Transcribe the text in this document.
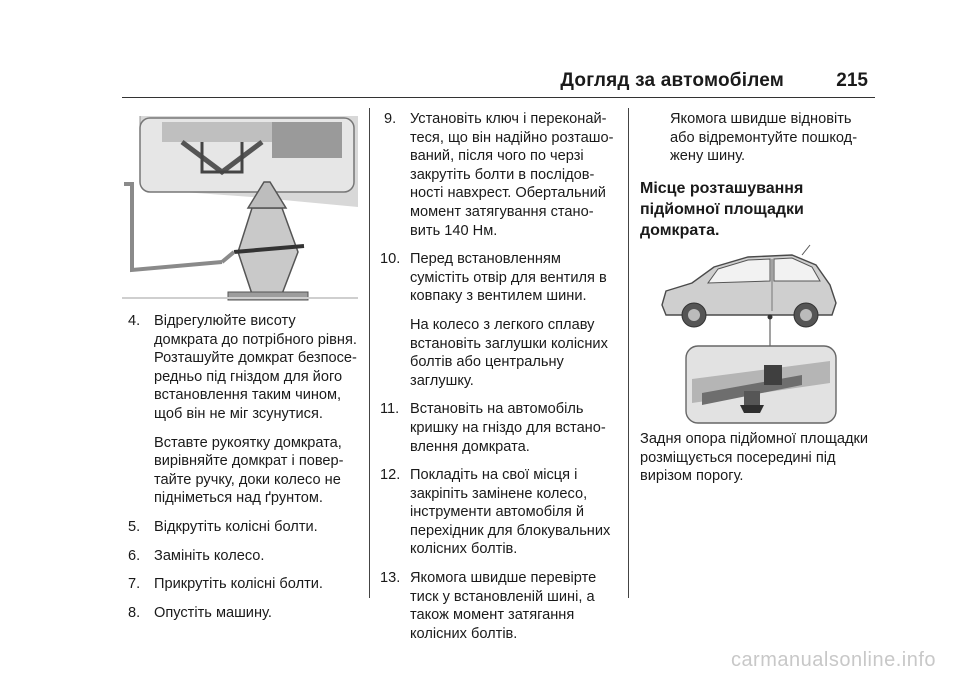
Догляд за автомобілем	215
4. Відрегулюйте висоту домкрата до потрібного рівня. Розташуйте домкрат безпосередньо під гніздом для його встановлення таким чином, щоб він не міг зсунутися.
Вставте рукоятку домкрата, вирівняйте домкрат і повертайте ручку, доки колесо не підніметься над ґрунтом.
5. Відкрутіть колісні болти.
6. Замініть колесо.
7. Прикрутіть колісні болти.
8. Опустіть машину.
9. Установіть ключ і переконайтеся, що він надійно розташований, після чого по черзі закрутіть болти в послідовності навхрест. Обертальний момент затягування становить 140 Нм.
10. Перед встановленням сумістіть отвір для вентиля в ковпаку з вентилем шини.
На колесо з легкого сплаву встановіть заглушки колісних болтів або центральну заглушку.
11. Встановіть на автомобіль кришку на гніздо для встановлення домкрата.
12. Покладіть на свої місця і закріпіть замінене колесо, інструменти автомобіля й перехідник для блокувальних колісних болтів.
13. Якомога швидше перевірте тиск у встановленій шині, а також момент затягання колісних болтів.
Якомога швидше відновіть або відремонтуйте пошкоджену шину.
Місце розташування підйомної площадки домкрата.
Задня опора підйомної площадки розміщується посередині під вирізом порогу.
carmanualsonline.info
